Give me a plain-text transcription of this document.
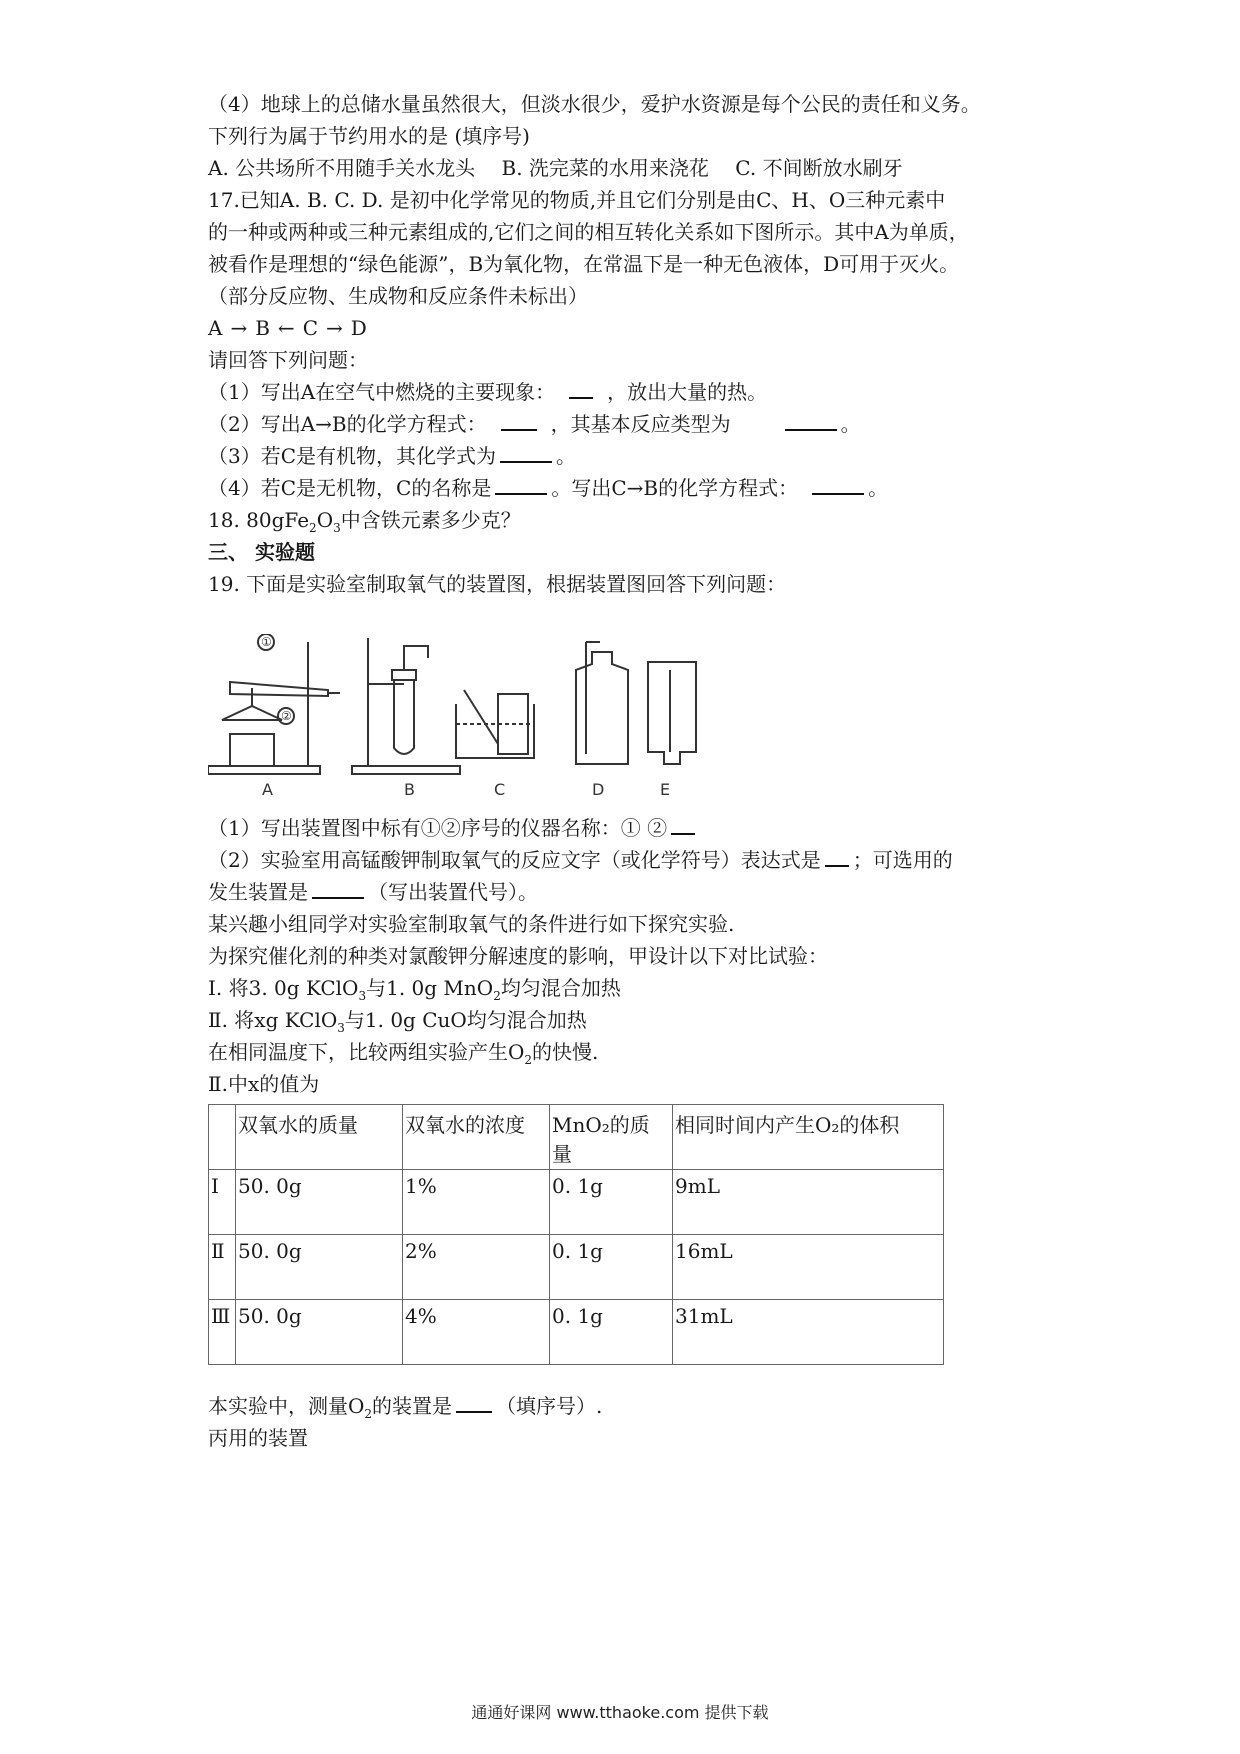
（4）地球上的总储水量虽然很大，但淡水很少，爱护水资源是每个公民的责任和义务。
下列行为属于节约用水的是 (填序号)
A. 公共场所不用随手关水龙头　 B. 洗完菜的水用来浇花　 C. 不间断放水刷牙
17.已知A. B. C. D. 是初中化学常见的物质,并且它们分别是由C、H、O三种元素中
的一种或两种或三种元素组成的,它们之间的相互转化关系如下图所示。其中A为单质，
被看作是理想的“绿色能源”，B为氧化物，在常温下是一种无色液体，D可用于灭火。
（部分反应物、生成物和反应条件未标出）
A → B ← C → D
请回答下列问题：
（1）写出A在空气中燃烧的主要现象：	，放出大量的热。
（2）写出A→B的化学方程式：	，其基本反应类型为	。
（3）若C是有机物，其化学式为	。
（4）若C是无机物，C的名称是	。写出C→B的化学方程式：	。
18. $80gFe_2O_3$中含铁元素多少克？
三、 实验题
19. 下面是实验室制取氧气的装置图，根据装置图回答下列问题：
①
②
A	B	C	D	E
（1）写出装置图中标有①②序号的仪器名称：① ②
（2）实验室用高锰酸钾制取氧气的反应文字（或化学符号）表达式是 ；可选用的
发生装置是	（写出装置代号）。
某兴趣小组同学对实验室制取氧气的条件进行如下探究实验.
为探究催化剂的种类对氯酸钾分解速度的影响，甲设计以下对比试验：
Ⅰ. 将3. 0g KClO$_3$与1. 0g MnO$_2$均匀混合加热
Ⅱ. 将xg KClO$_3$与1. 0g CuO均匀混合加热
在相同温度下，比较两组实验产生$O_2$的快慢.
Ⅱ.中x的值为
	双氧水的质量	双氧水的浓度	MnO₂的质量	相同时间内产生O₂的体积
Ⅰ	50. 0g	1%	0. 1g	9mL
Ⅱ	50. 0g	2%	0. 1g	16mL
Ⅲ	50. 0g	4%	0. 1g	31mL
本实验中，测量$O_2$的装置是 （填序号）.
丙用的装置
通通好课网 www.tthaoke.com 提供下载
